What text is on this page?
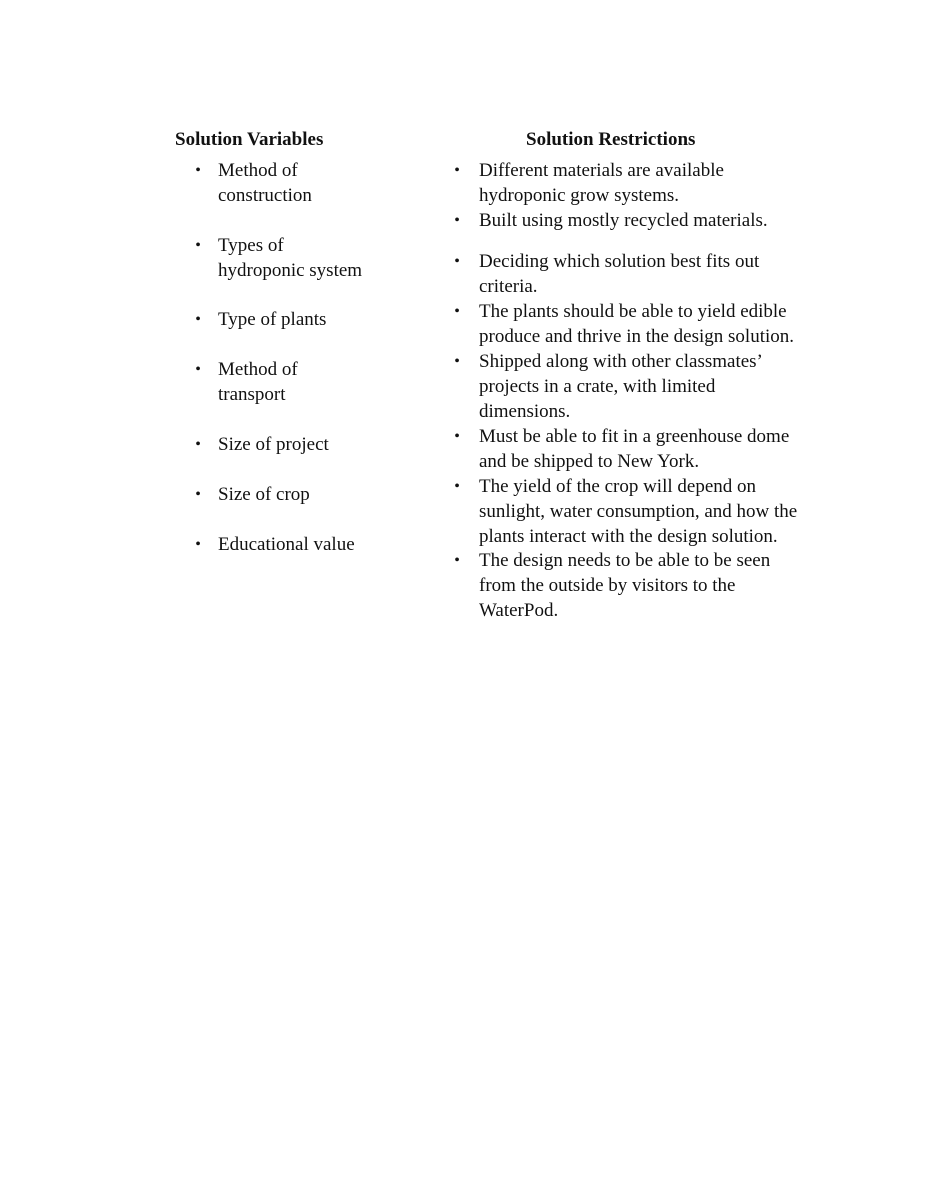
Solution Variables	Solution Restrictions
• Method of
construction
• Types of
hydroponic system
• Type of plants
• Method of
transport
• Size of project
• Size of crop
• Educational value
•	Different materials are available
hydroponic grow systems.
•	Built using mostly recycled materials.
•	Deciding which solution best fits out
criteria.
•	The plants should be able to yield edible
produce and thrive in the design solution.
•	Shipped along with other classmates’
projects in a crate, with limited
dimensions.
•	Must be able to fit in a greenhouse dome
and be shipped to New York.
•	The yield of the crop will depend on
sunlight, water consumption, and how the
plants interact with the design solution.
•	The design needs to be able to be seen
from the outside by visitors to the
WaterPod.
